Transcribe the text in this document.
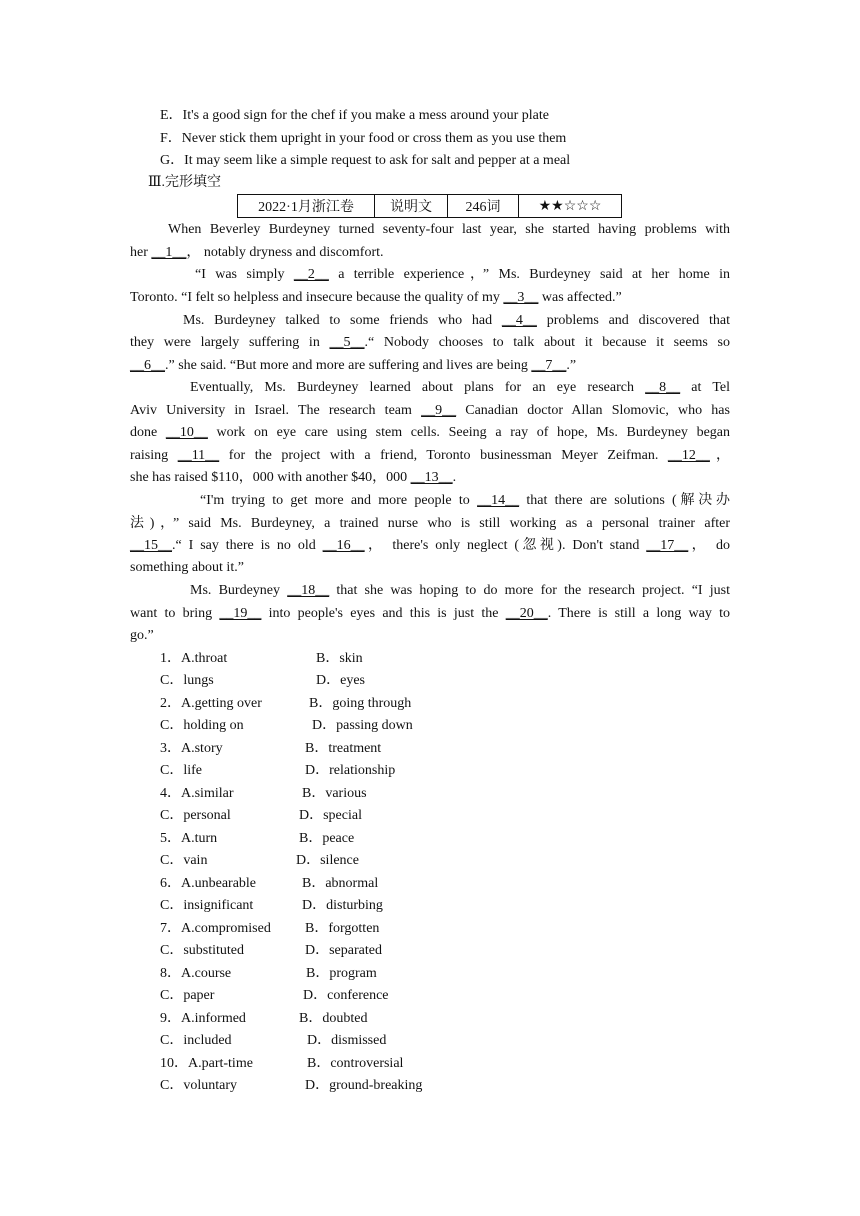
E．It's a good sign for the chef if you make a mess around your plate
F．Never stick them upright in your food or cross them as you use them
G．It may seem like a simple request to ask for salt and pepper at a meal
Ⅲ.完形填空
2022·1月浙江卷	说明文	246词	★★☆☆☆
When Beverley Burdeyney turned seventy-four last year, she started having problems with
her __1__， notably dryness and discomfort.
“I was simply __2__ a terrible experience，” Ms. Burdeyney said at her home in
Toronto. “I felt so helpless and insecure because the quality of my __3__ was affected.”
Ms. Burdeyney talked to some friends who had __4__ problems and discovered that
they were largely suffering in __5__.“ Nobody chooses to talk about it because it seems so
__6__.” she said. “But more and more are suffering and lives are being __7__.”
Eventually, Ms. Burdeyney learned about plans for an eye research __8__ at Tel
Aviv University in Israel. The research team __9__ Canadian doctor Allan Slomovic, who has
done __10__ work on eye care using stem cells. Seeing a ray of hope, Ms. Burdeyney began
raising __11__ for the project with a friend, Toronto businessman Meyer Zeifman. __12__，
she has raised $110，000 with another $40，000 __13__.
“I'm trying to get more and more people to __14__ that there are solutions (解决办
法)，” said Ms. Burdeyney, a trained nurse who is still working as a personal trainer after
__15__.“ I say there is no old __16__， there's only neglect (忽视). Don't stand __17__， do
something about it.”
Ms. Burdeyney __18__ that she was hoping to do more for the research project. “I just
want to bring __19__ into people's eyes and this is just the __20__. There is still a long way to
go.”
1．A.throat	B．skin
C．lungs	D．eyes
2．A.getting over	B．going through
C．holding on	D．passing down
3．A.story	B．treatment
C．life	D．relationship
4．A.similar	B．various
C．personal	D．special
5．A.turn	B．peace
C．vain	D．silence
6．A.unbearable	B．abnormal
C．insignificant	D．disturbing
7．A.compromised B．forgotten
C．substituted	D．separated
8．A.course	B．program
C．paper	D．conference
9．A.informed	B．doubted
C．included	D．dismissed
10．A.part-time	B．controversial
C．voluntary	D．ground-breaking
